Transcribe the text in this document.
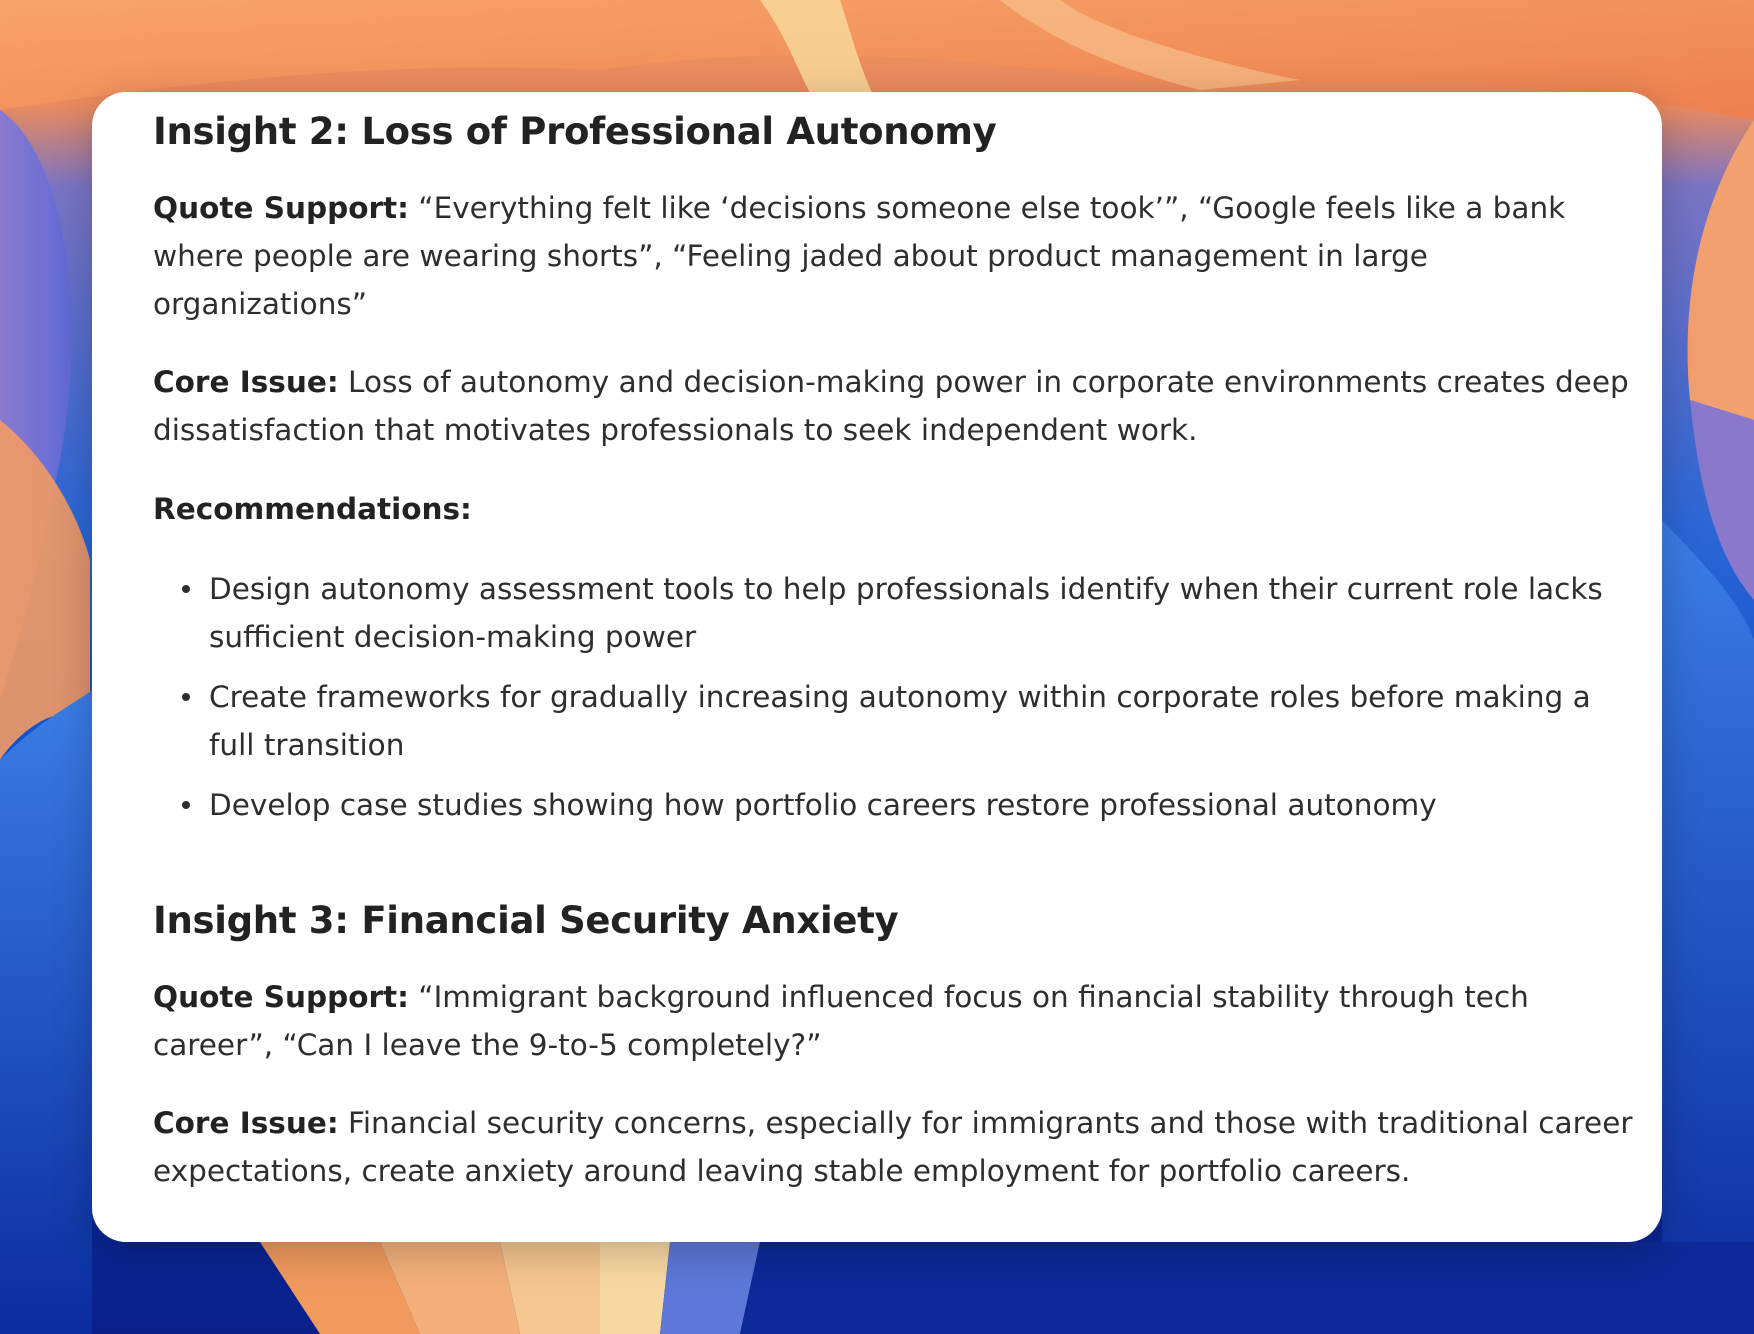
Insight 2: Loss of Professional Autonomy

Quote Support: “Everything felt like ‘decisions someone else took’”, “Google feels like a bank where people are wearing shorts”, “Feeling jaded about product management in large organizations”

Core Issue: Loss of autonomy and decision-making power in corporate environments creates deep dissatisfaction that motivates professionals to seek independent work.

Recommendations:
Design autonomy assessment tools to help professionals identify when their current role lacks sufficient decision-making power
Create frameworks for gradually increasing autonomy within corporate roles before making a full transition
Develop case studies showing how portfolio careers restore professional autonomy
Insight 3: Financial Security Anxiety

Quote Support: “Immigrant background influenced focus on financial stability through tech career”, “Can I leave the 9-to-5 completely?”

Core Issue: Financial security concerns, especially for immigrants and those with traditional career expectations, create anxiety around leaving stable employment for portfolio careers.
